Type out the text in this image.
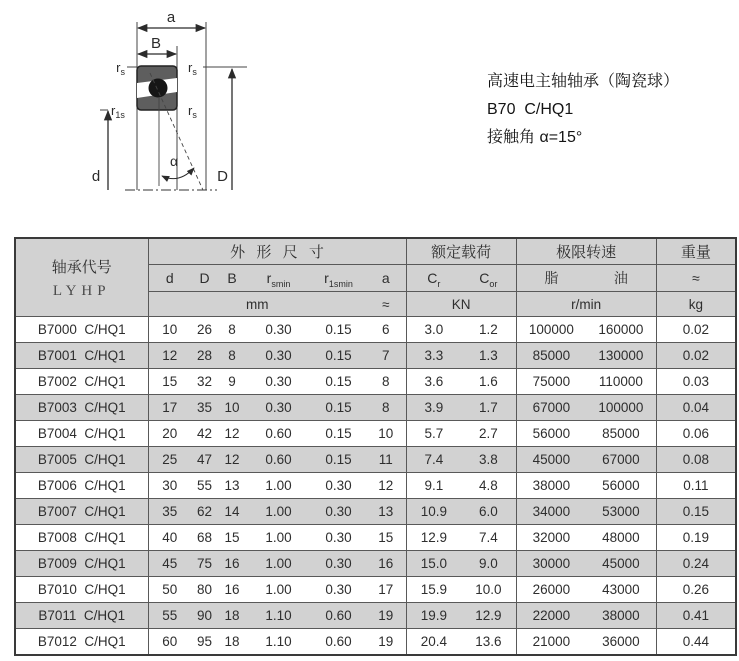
a
B
$r_s$	$r_s$
$r_{1s}$	$r_s$
d	D
α
高速电主轴轴承（陶瓷球）
B70  C/HQ1
接触角 α=15°
轴承代号
LYHP	外形尺寸						额定载荷		极限转速		重量
	d	D	B	$r_{smin}$	$r_{1smin}$	a	$C_r$	$C_{or}$	脂	油	≈
	mm					≈	KN		r/min		kg
B7000  C/HQ1	10	26	8	0.30	0.15	6	3.0	1.2	100000	160000	0.02
B7001  C/HQ1	12	28	8	0.30	0.15	7	3.3	1.3	85000	130000	0.02
B7002  C/HQ1	15	32	9	0.30	0.15	8	3.6	1.6	75000	110000	0.03
B7003  C/HQ1	17	35	10	0.30	0.15	8	3.9	1.7	67000	100000	0.04
B7004  C/HQ1	20	42	12	0.60	0.15	10	5.7	2.7	56000	85000	0.06
B7005  C/HQ1	25	47	12	0.60	0.15	11	7.4	3.8	45000	67000	0.08
B7006  C/HQ1	30	55	13	1.00	0.30	12	9.1	4.8	38000	56000	0.11
B7007  C/HQ1	35	62	14	1.00	0.30	13	10.9	6.0	34000	53000	0.15
B7008  C/HQ1	40	68	15	1.00	0.30	15	12.9	7.4	32000	48000	0.19
B7009  C/HQ1	45	75	16	1.00	0.30	16	15.0	9.0	30000	45000	0.24
B7010  C/HQ1	50	80	16	1.00	0.30	17	15.9	10.0	26000	43000	0.26
B7011  C/HQ1	55	90	18	1.10	0.60	19	19.9	12.9	22000	38000	0.41
B7012  C/HQ1	60	95	18	1.10	0.60	19	20.4	13.6	21000	36000	0.44
